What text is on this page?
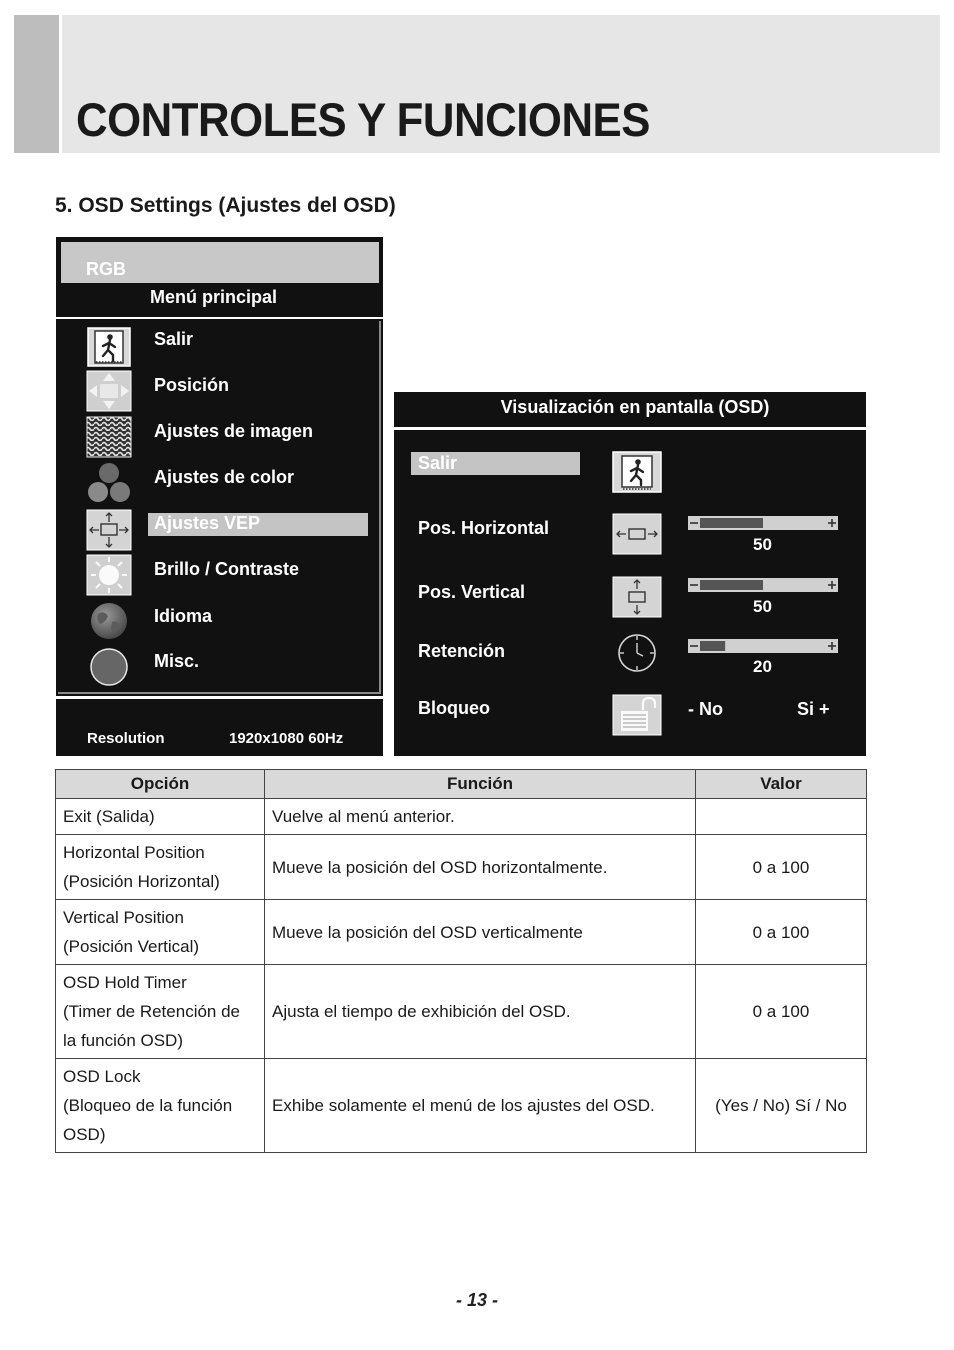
CONTROLES Y FUNCIONES
5. OSD Settings (Ajustes del OSD)
RGB
Menú principal
Salir
Posición
Ajustes de imagen
Ajustes de color
Ajustes VEP
Brillo / Contraste
Idioma
Misc.
Resolution	1920x1080 60Hz
Visualización en pantalla (OSD)
Salir
Pos. Horizontal
50
Pos. Vertical
50
Retención
20
Bloqueo	- No	Si +
Opción	Función	Valor

Exit (Salida)	Vuelve al menú anterior.	

Horizontal Position
(Posición Horizontal)	Mueve la posición del OSD horizontalmente.	0 a 100

Vertical Position
(Posición Vertical)	Mueve la posición del OSD verticalmente	0 a 100

OSD Hold Timer
(Timer de Retención de
la función OSD)	Ajusta el tiempo de exhibición del OSD.	0 a 100

OSD Lock
(Bloqueo de la función
OSD)	Exhibe solamente el menú de los ajustes del OSD.	(Yes / No) Sí / No
- 13 -
